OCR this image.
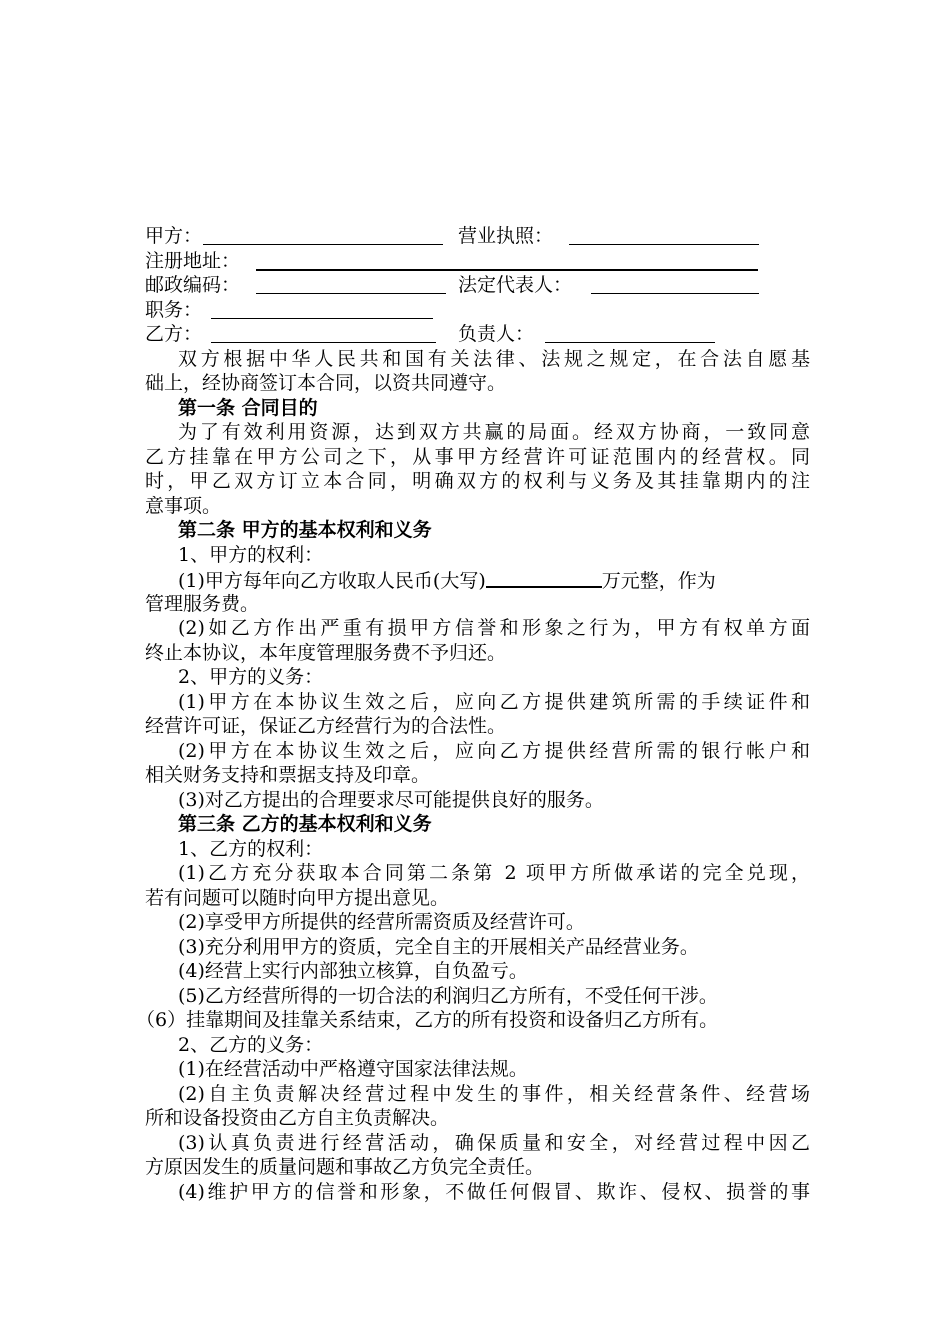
甲方：	营业执照：
注册地址：
邮政编码：	法定代表人：
职务：
乙方：	负责人：
双方根据中华人民共和国有关法律、法规之规定，在合法自愿基
础上，经协商签订本合同，以资共同遵守。
第一条 合同目的
为了有效利用资源，达到双方共赢的局面。经双方协商，一致同意
乙方挂靠在甲方公司之下，从事甲方经营许可证范围内的经营权。同
时，甲乙双方订立本合同，明确双方的权利与义务及其挂靠期内的注
意事项。
第二条 甲方的基本权利和义务
1、甲方的权利：
(1)甲方每年向乙方收取人民币(大写)	万元整，作为
管理服务费。
(2)如乙方作出严重有损甲方信誉和形象之行为，甲方有权单方面
终止本协议，本年度管理服务费不予归还。
2、甲方的义务：
(1)甲方在本协议生效之后，应向乙方提供建筑所需的手续证件和
经营许可证，保证乙方经营行为的合法性。
(2)甲方在本协议生效之后，应向乙方提供经营所需的银行帐户和
相关财务支持和票据支持及印章。
(3)对乙方提出的合理要求尽可能提供良好的服务。
第三条 乙方的基本权利和义务
1、乙方的权利：
(1)乙方充分获取本合同第二条第 2 项甲方所做承诺的完全兑现，
若有问题可以随时向甲方提出意见。
(2)享受甲方所提供的经营所需资质及经营许可。
(3)充分利用甲方的资质，完全自主的开展相关产品经营业务。
(4)经营上实行内部独立核算，自负盈亏。
(5)乙方经营所得的一切合法的利润归乙方所有，不受任何干涉。
（6）挂靠期间及挂靠关系结束，乙方的所有投资和设备归乙方所有。
2、乙方的义务：
(1)在经营活动中严格遵守国家法律法规。
(2)自主负责解决经营过程中发生的事件，相关经营条件、经营场
所和设备投资由乙方自主负责解决。
(3)认真负责进行经营活动，确保质量和安全，对经营过程中因乙
方原因发生的质量问题和事故乙方负完全责任。
(4)维护甲方的信誉和形象，不做任何假冒、欺诈、侵权、损誉的事
